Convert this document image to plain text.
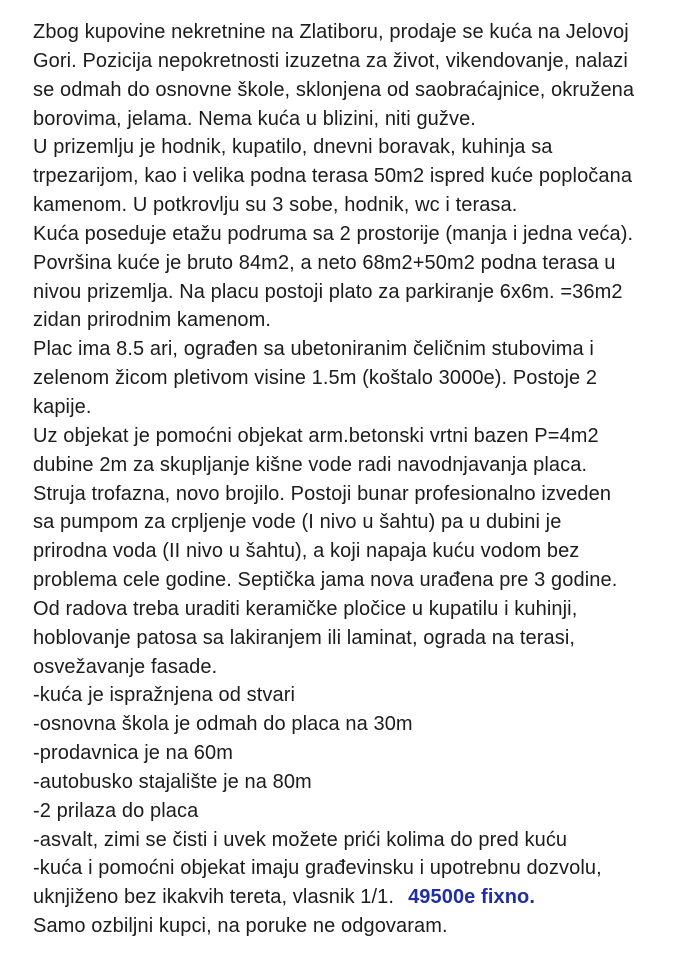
Zbog kupovine nekretnine na Zlatiboru, prodaje se kuća na Jelovoj
Gori. Pozicija nepokretnosti izuzetna za život, vikendovanje, nalazi
se odmah do osnovne škole, sklonjena od saobraćajnice, okružena
borovima, jelama. Nema kuća u blizini, niti gužve.
U prizemlju je hodnik, kupatilo, dnevni boravak, kuhinja sa
trpezarijom, kao i velika podna terasa 50m2 ispred kuće popločana
kamenom. U potkrovlju su 3 sobe, hodnik, wc i terasa.
Kuća poseduje etažu podruma sa 2 prostorije (manja i jedna veća).
Površina kuće je bruto 84m2, a neto 68m2+50m2 podna terasa u
nivou prizemlja. Na placu postoji plato za parkiranje 6x6m. =36m2
zidan prirodnim kamenom.
Plac ima 8.5 ari, ograđen sa ubetoniranim čeličnim stubovima i
zelenom žicom pletivom visine 1.5m (koštalo 3000e). Postoje 2
kapije.
Uz objekat je pomoćni objekat arm.betonski vrtni bazen P=4m2
dubine 2m za skupljanje kišne vode radi navodnjavanja placa.
Struja trofazna, novo brojilo. Postoji bunar profesionalno izveden
sa pumpom za crpljenje vode (I nivo u šahtu) pa u dubini je
prirodna voda (II nivo u šahtu), a koji napaja kuću vodom bez
problema cele godine. Septička jama nova urađena pre 3 godine.
Od radova treba uraditi keramičke pločice u kupatilu i kuhinji,
hoblovanje patosa sa lakiranjem ili laminat, ograda na terasi,
osvežavanje fasade.
-kuća je ispražnjena od stvari
-osnovna škola je odmah do placa na 30m
-prodavnica je na 60m
-autobusko stajalište je na 80m
-2 prilaza do placa
-asvalt, zimi se čisti i uvek možete prići kolima do pred kuću
-kuća i pomoćni objekat imaju građevinsku i upotrebnu dozvolu,
uknjiženo bez ikakvih tereta, vlasnik 1/1. 49500e fixno.
Samo ozbiljni kupci, na poruke ne odgovaram.
